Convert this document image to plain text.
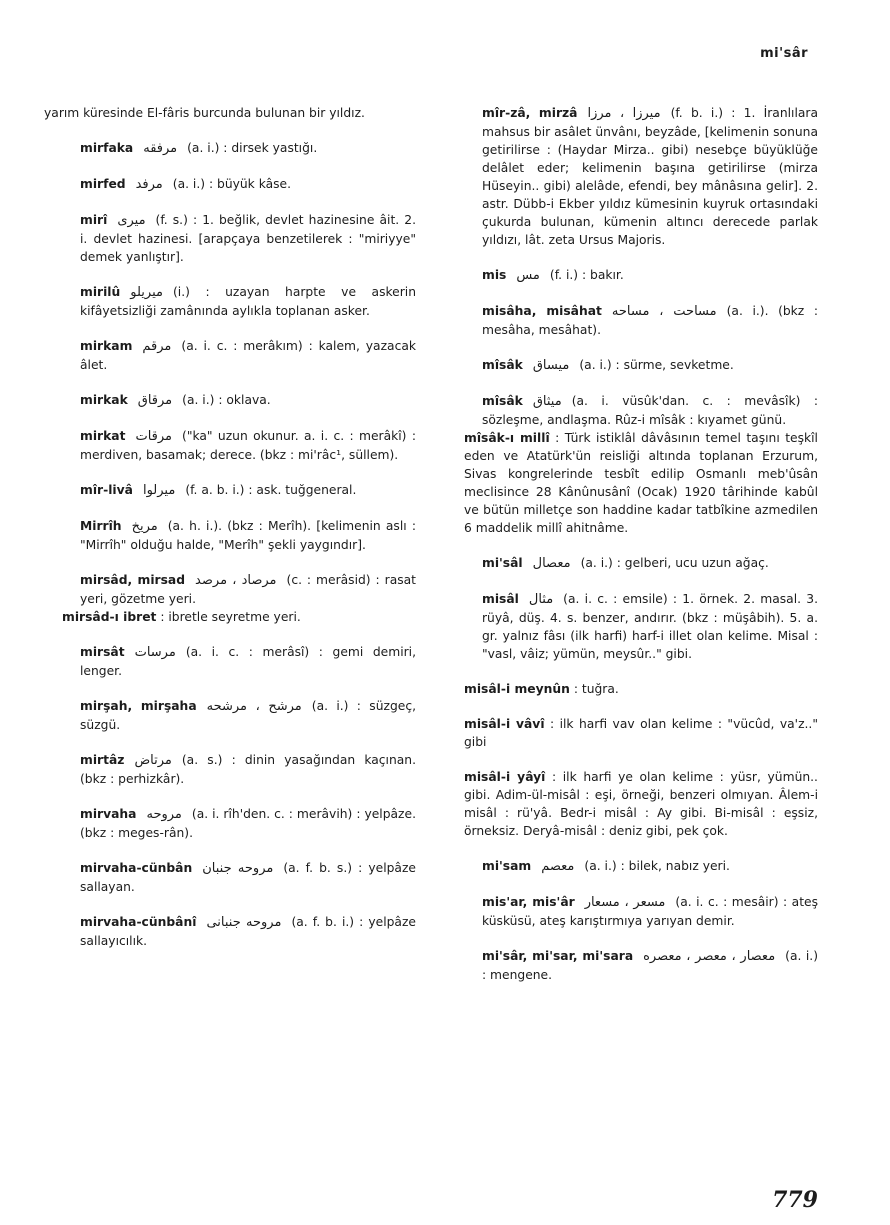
mi'sâr

yarım küresinde El-fâris burcunda bulunan bir yıldız.

mirfaka مرفقه (a. i.) : dirsek yastığı.

mirfed مرفد (a. i.) : büyük kâse.

mirî میری (f. s.) : 1. beğlik, devlet hazinesine âit. 2. i. devlet hazinesi. [arapçaya benzetilerek : "miriyye" demek yanlıştır].

mirilû میریلو (i.) : uzayan harpte ve askerin kifâyetsizliği zamânında aylıkla toplanan asker.

mirkam مرقم (a. i. c. : merâkım) : kalem, yazacak âlet.

mirkak مرقاق (a. i.) : oklava.

mirkat مرقات ("ka" uzun okunur. a. i. c. : merâkî) : merdiven, basamak; derece. (bkz : mi'râc¹, süllem).

mîr-livâ میرلوا (f. a. b. i.) : ask. tuğgeneral.

Mirrîh مریخ (a. h. i.). (bkz : Merîh). [kelimenin aslı : "Mirrîh" olduğu halde, "Merîh" şekli yaygındır].

mirsâd, mirsad مرصاد ، مرصد (c. : merâsid) : rasat yeri, gözetme yeri.

mirsâd-ı ibret : ibretle seyretme yeri.

mirsât مرسات (a. i. c. : merâsî) : gemi demiri, lenger.

mirşah, mirşaha مرشح ، مرشحه (a. i.) : süzgeç, süzgü.

mirtâz مرتاض (a. s.) : dinin yasağından kaçınan. (bkz : perhizkâr).

mirvaha مروحه (a. i. rîh'den. c. : merâvih) : yelpâze. (bkz : meges-rân).

mirvaha-cünbân مروحه جنبان (a. f. b. s.) : yelpâze sallayan.

mirvaha-cünbânî مروحه جنبانی (a. f. b. i.) : yelpâze sallayıcılık.

mîr-zâ, mirzâ میرزا ، مرزا (f. b. i.) : 1. İranlılara mahsus bir asâlet ünvânı, beyzâde, [kelimenin sonuna getirilirse : (Haydar Mirza.. gibi) nesebçe büyüklüğe delâlet eder; kelimenin başına getirilirse (mirza Hüseyin.. gibi) alelâde, efendi, bey mânâsına gelir]. 2. astr. Dübb-i Ekber yıldız kümesinin kuyruk ortasındaki çukurda bulunan, kümenin altıncı derecede parlak yıldızı, lât. zeta Ursus Majoris.

mis مس (f. i.) : bakır.

misâha, misâhat مساحت ، مساحه (a. i.). (bkz : mesâha, mesâhat).

mîsâk میساق (a. i.) : sürme, sevketme.

mîsâk میثاق (a. i. vüsûk'dan. c. : mevâsîk) : sözleşme, andlaşma. Rûz-i mîsâk : kıyamet günü.

mîsâk-ı millî : Türk istiklâl dâvâsının temel taşını teşkîl eden ve Atatürk'ün reisliği altında toplanan Erzurum, Sivas kongrelerinde tesbît edilip Osmanlı meb'ûsân meclisince 28 Kânûnusânî (Ocak) 1920 târihinde kabûl ve bütün milletçe son haddine kadar tatbîkine azmedilen 6 maddelik millî ahitnâme.

mi'sâl معصال (a. i.) : gelberi, ucu uzun ağaç.

misâl مثال (a. i. c. : emsile) : 1. örnek. 2. masal. 3. rüyâ, düş. 4. s. benzer, andırır. (bkz : müşâbih). 5. a. gr. yalnız fâsı (ilk harfi) harf-i illet olan kelime. Misal : "vasl, vâiz; yümün, meysûr.." gibi.

misâl-i meynûn : tuğra.

misâl-i vâvî : ilk harfi vav olan kelime : "vücûd, va'z.." gibi

misâl-i yâyî : ilk harfi ye olan kelime : yüsr, yümün.. gibi. Adim-ül-misâl : eşi, örneği, benzeri olmıyan. Âlem-i misâl : rü'yâ. Bedr-i misâl : Ay gibi. Bi-misâl : eşsiz, örneksiz. Deryâ-misâl : deniz gibi, pek çok.

mi'sam معصم (a. i.) : bilek, nabız yeri.

mis'ar, mis'âr مسعر ، مسعار (a. i. c. : mesâir) : ateş küsküsü, ateş karıştırmıya yarıyan demir.

mi'sâr, mi'sar, mi'sara معصار ، معصر ، معصره (a. i.) : mengene.

779
